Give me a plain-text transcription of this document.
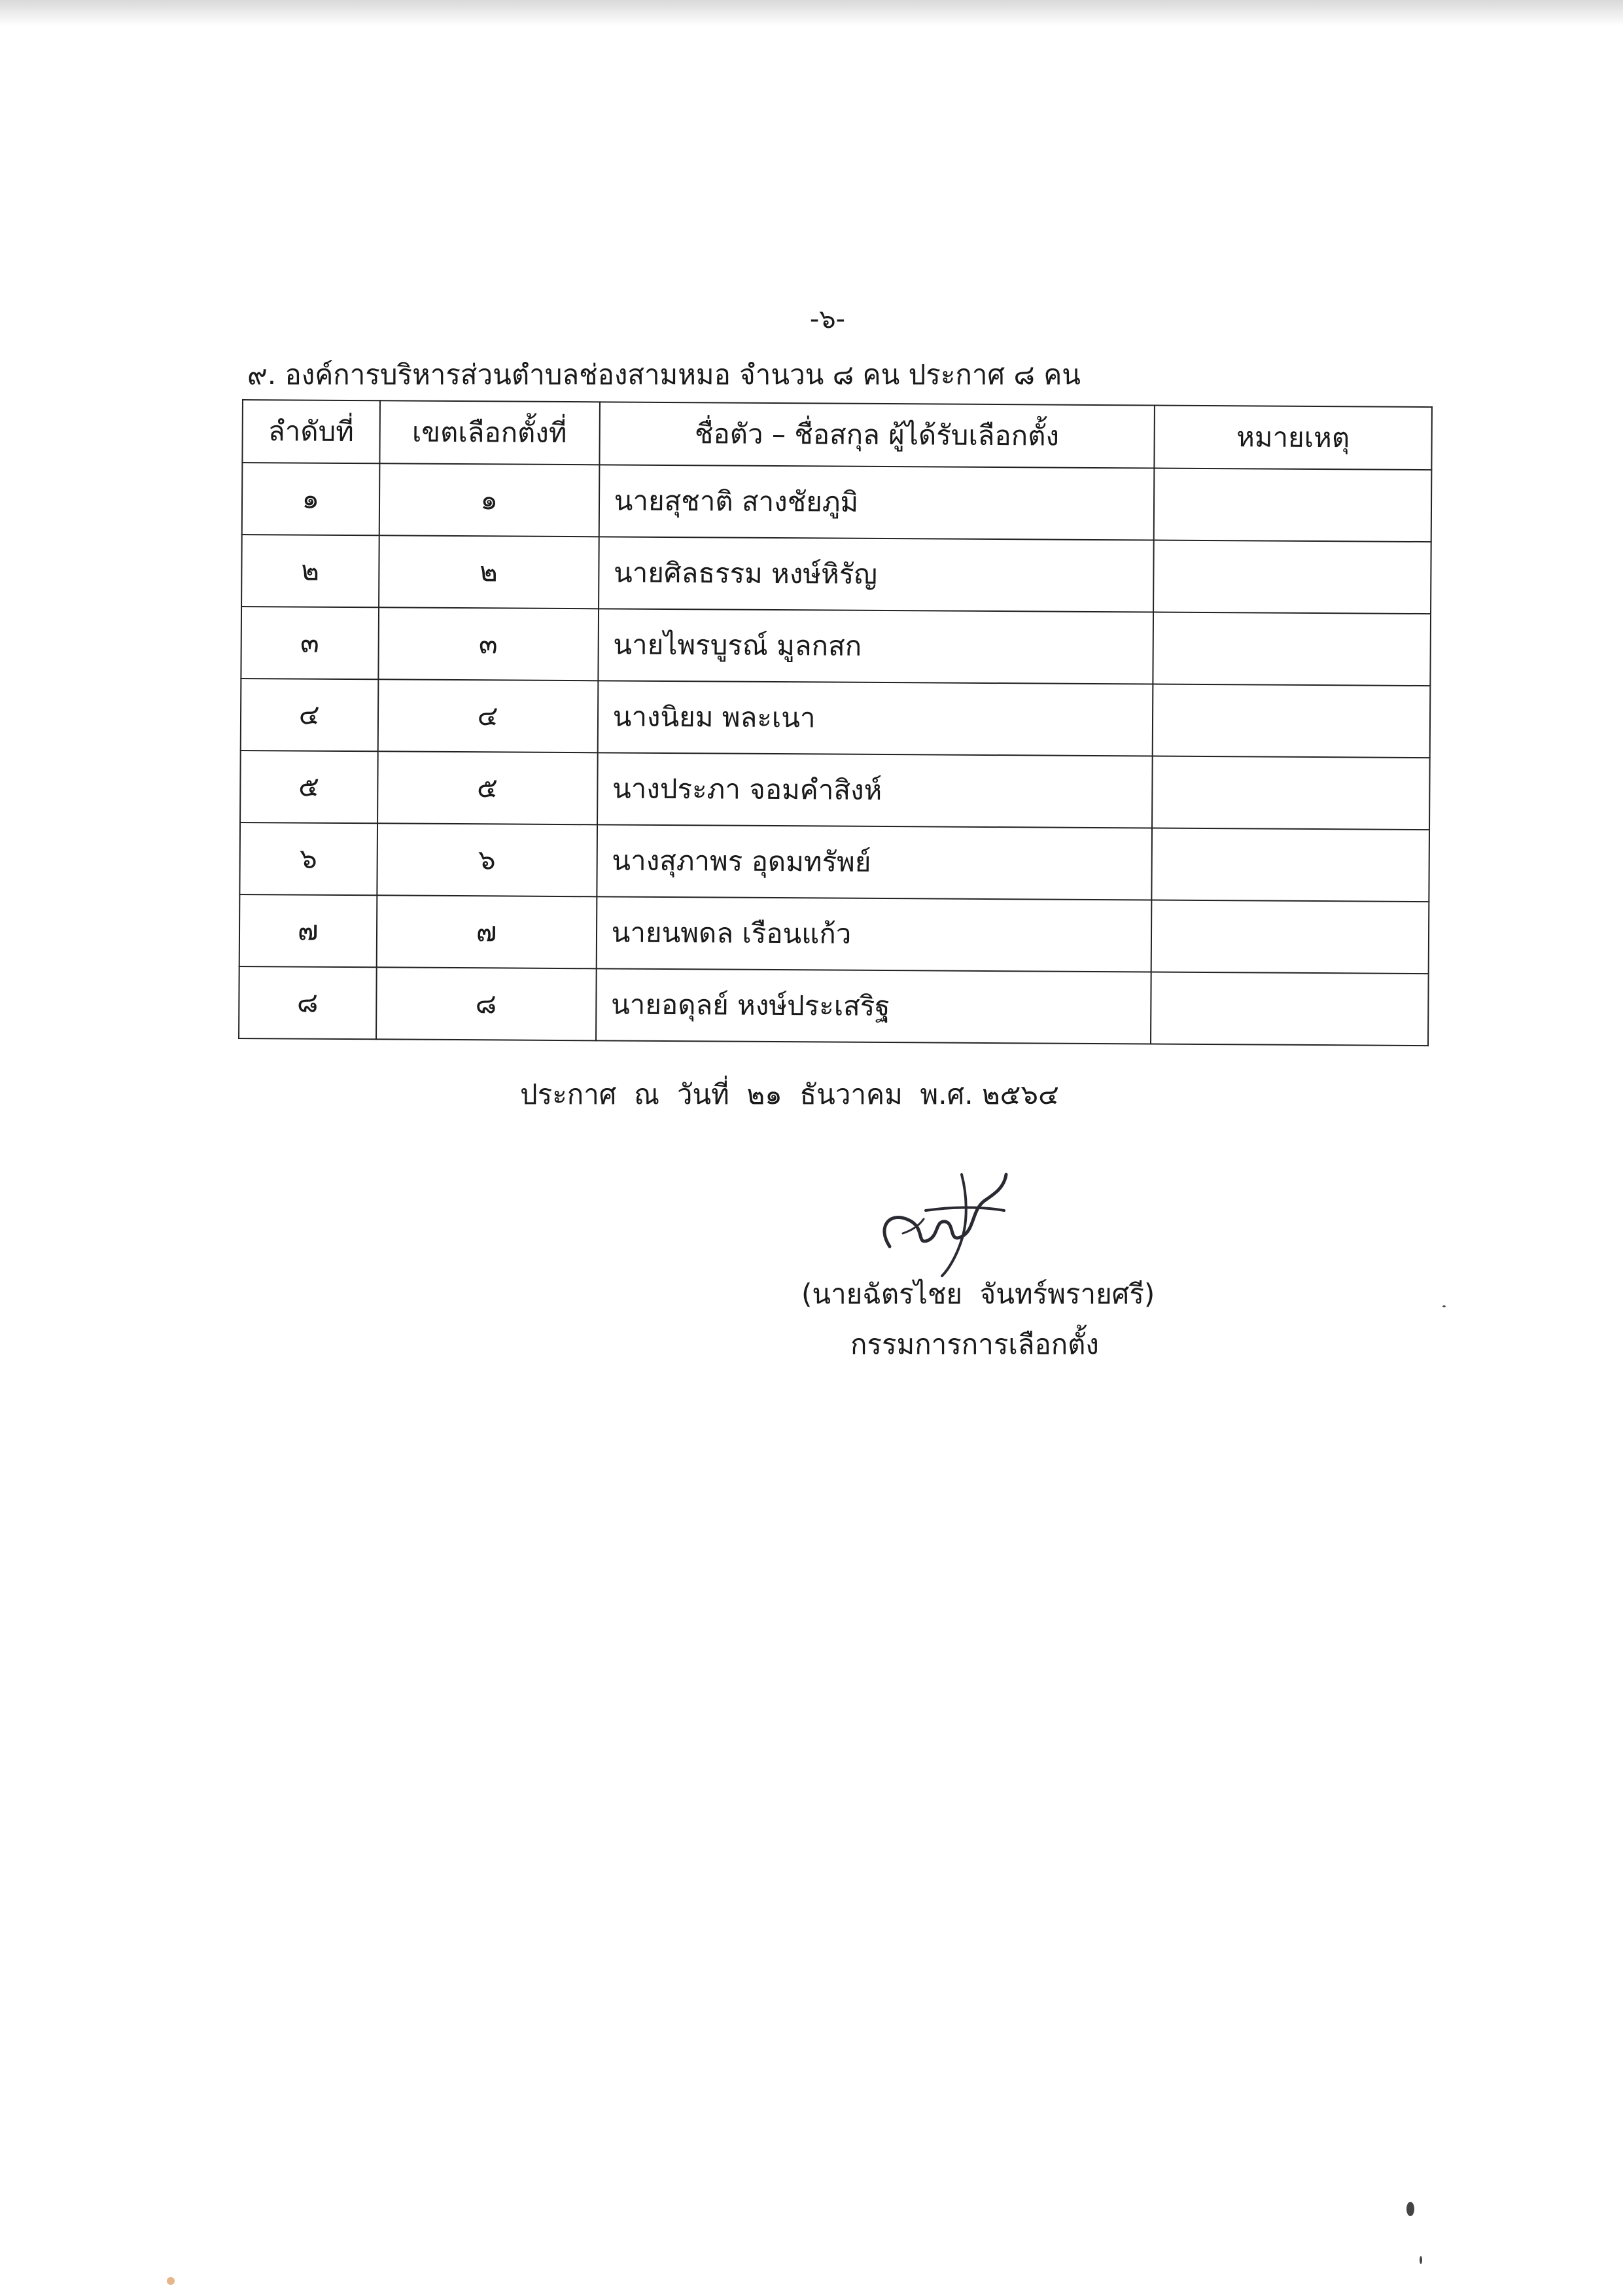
-๖-
๙. องค์การบริหารส่วนตำบลช่องสามหมอ จำนวน ๘ คน ประกาศ ๘ คน
ลำดับที่	เขตเลือกตั้งที่	ชื่อตัว – ชื่อสกุล ผู้ได้รับเลือกตั้ง	หมายเหตุ
๑	๑	นายสุชาติ สางชัยภูมิ	
๒	๒	นายศิลธรรม หงษ์หิรัญ	
๓	๓	นายไพรบูรณ์ มูลกสก	
๔	๔	นางนิยม พละเนา	
๕	๕	นางประภา จอมคำสิงห์	
๖	๖	นางสุภาพร อุดมทรัพย์	
๗	๗	นายนพดล เรือนแก้ว	
๘	๘	นายอดุลย์ หงษ์ประเสริฐ	
ประกาศ  ณ  วันที่  ๒๑  ธันวาคม  พ.ศ. ๒๕๖๔
(นายฉัตรไชย  จันทร์พรายศรี)
กรรมการการเลือกตั้ง
